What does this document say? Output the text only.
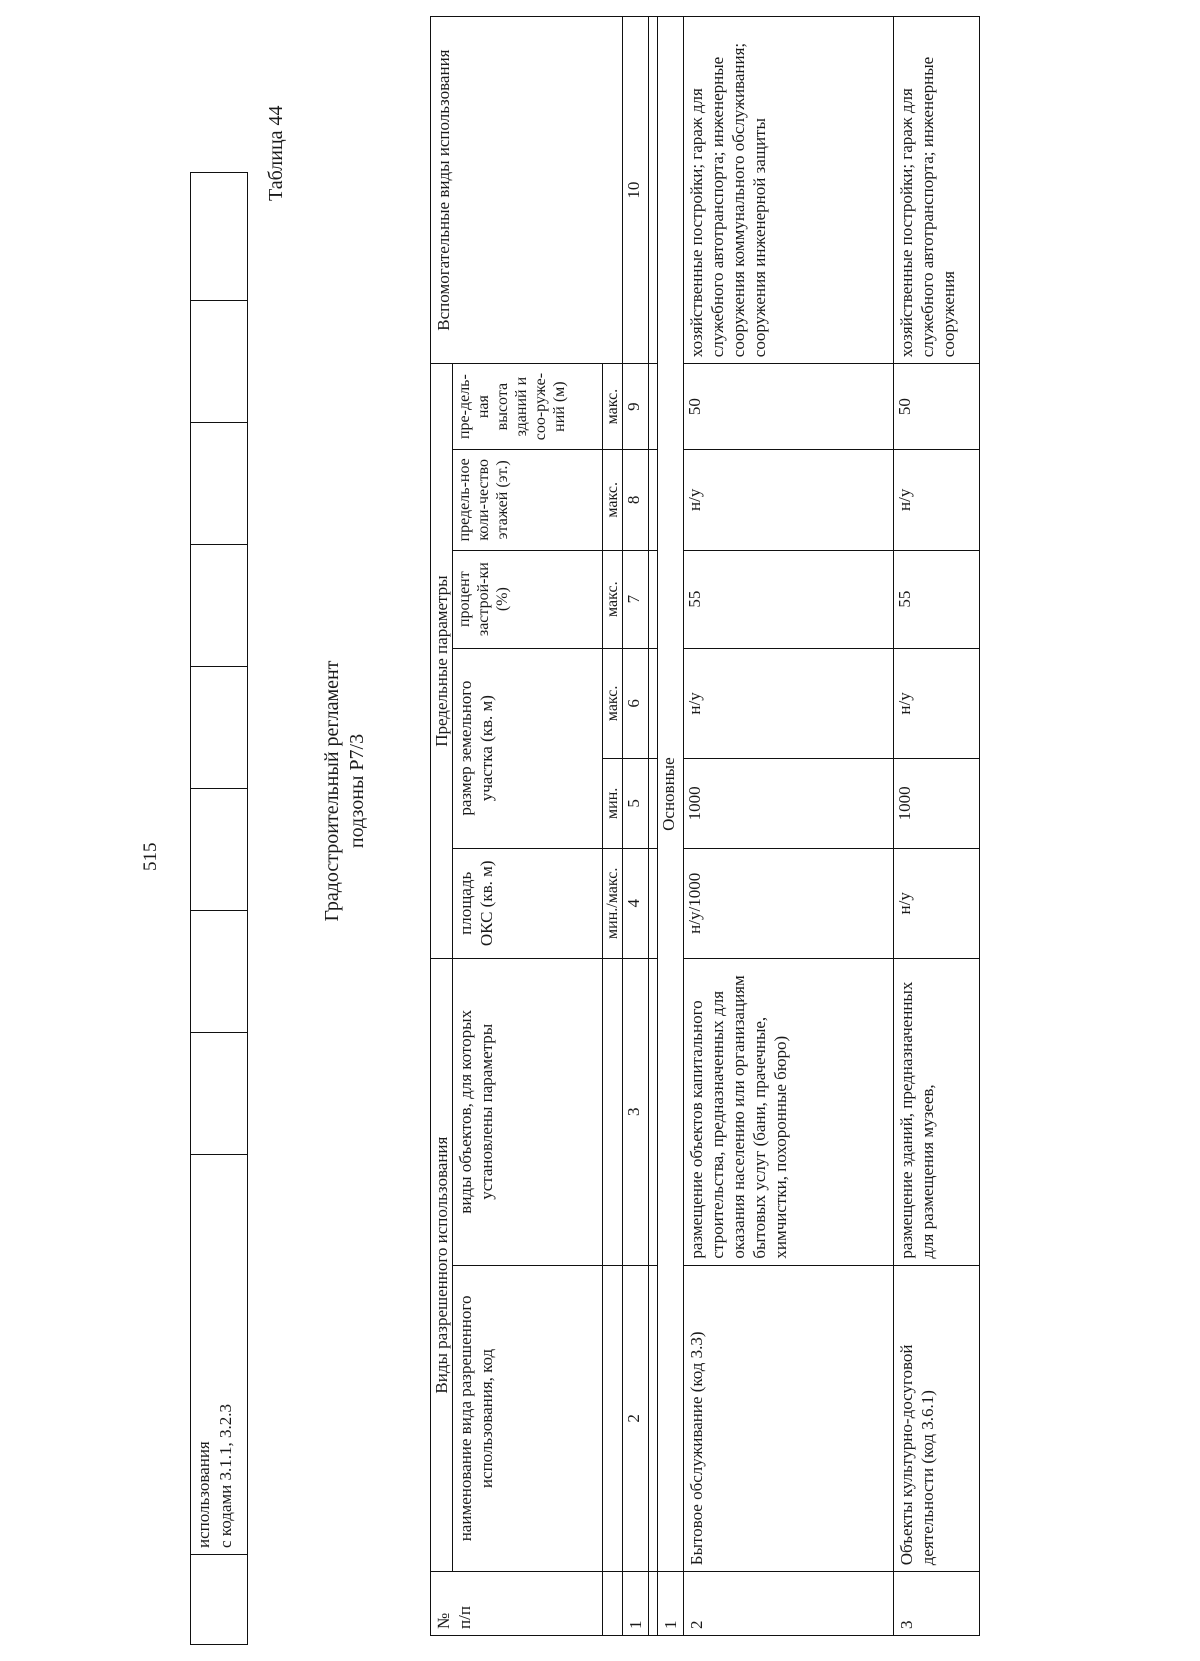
использования с кодами 3.1.1, 3.2.3

515
Таблица 44
Градостроительный регламент подзоны Р7/3
№ п/п	Виды разрешенного использования		Предельные параметры						Вспомогательные виды использования
	наименование вида разрешенного использования, код	виды объектов, для которых установлены параметры	площадь ОКС (кв. м)	размер земельного участка (кв. м)		процент застрой-ки (%)	предель-ное коли-чество этажей (эт.)	пре-дель-ная высота зданий и соо-руже-ний (м)	
			мин./макс.	мин.	макс.	макс.	макс.	макс.	
1	2	3	4	5	6	7	8	9	10

1	Основные								
2	Бытовое обслуживание (код 3.3)	размещение объектов капитального строительства, предназначенных для оказания населению или организациям бытовых услуг (бани, прачечные, химчистки, похоронные бюро)	н/у/1000	1000	н/у	55	н/у	50	хозяйственные постройки; гараж для служебного автотранспорта; инженерные сооружения коммунального обслуживания; сооружения инженерной защиты
3	Объекты культурно-досуговой деятельности (код 3.6.1)	размещение зданий, предназначенных для размещения музеев,	н/у	1000	н/у	55	н/у	50	хозяйственные постройки; гараж для служебного автотранспорта; инженерные сооружения
